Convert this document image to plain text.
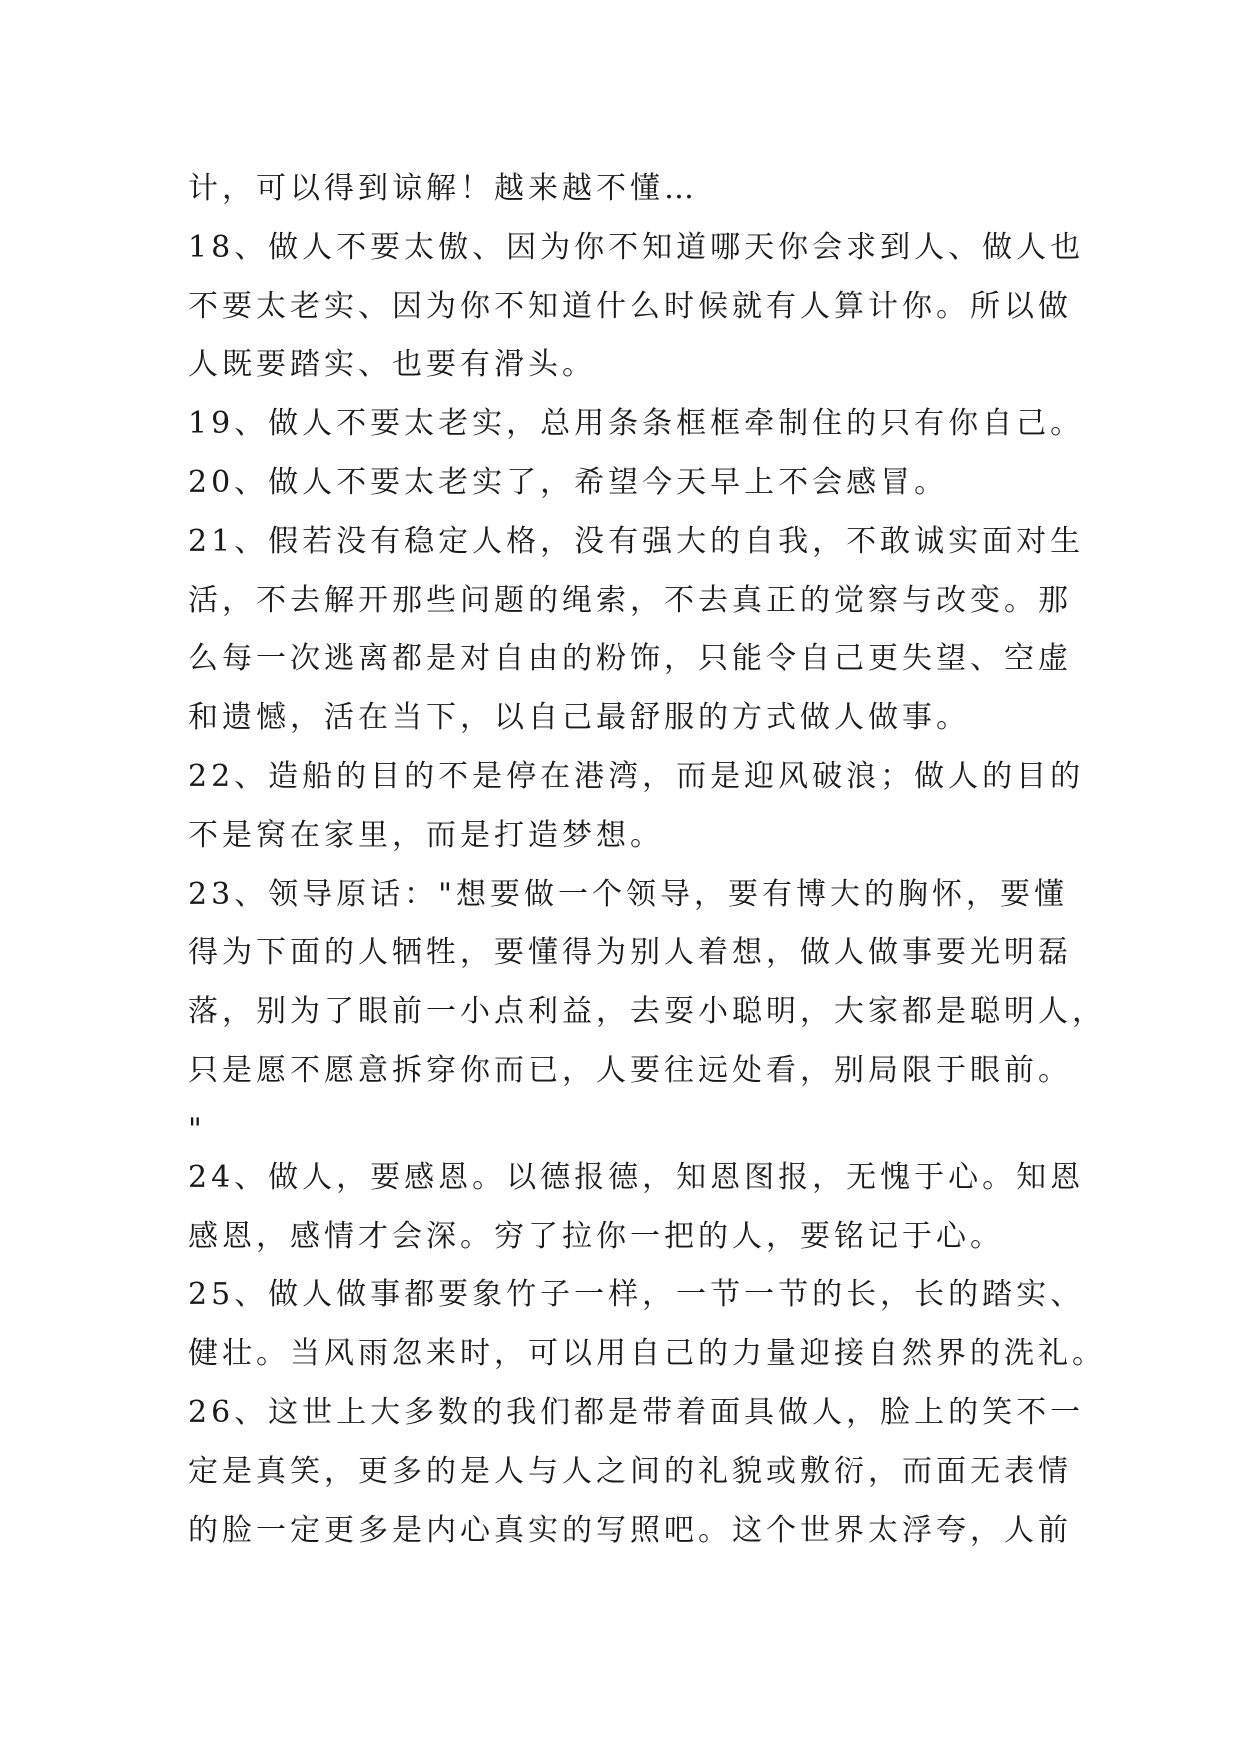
计，可以得到谅解！越来越不懂…
18、做人不要太傲、因为你不知道哪天你会求到人、做人也
不要太老实、因为你不知道什么时候就有人算计你。所以做
人既要踏实、也要有滑头。
19、做人不要太老实，总用条条框框牵制住的只有你自己。
20、做人不要太老实了，希望今天早上不会感冒。
21、假若没有稳定人格，没有强大的自我，不敢诚实面对生
活，不去解开那些问题的绳索，不去真正的觉察与改变。那
么每一次逃离都是对自由的粉饰，只能令自己更失望、空虚
和遗憾，活在当下，以自己最舒服的方式做人做事。
22、造船的目的不是停在港湾，而是迎风破浪；做人的目的
不是窝在家里，而是打造梦想。
23、领导原话："想要做一个领导，要有博大的胸怀，要懂
得为下面的人牺牲，要懂得为别人着想，做人做事要光明磊
落，别为了眼前一小点利益，去耍小聪明，大家都是聪明人，
只是愿不愿意拆穿你而已，人要往远处看，别局限于眼前。
"
24、做人，要感恩。以德报德，知恩图报，无愧于心。知恩
感恩，感情才会深。穷了拉你一把的人，要铭记于心。
25、做人做事都要象竹子一样，一节一节的长，长的踏实、
健壮。当风雨忽来时，可以用自己的力量迎接自然界的洗礼。
26、这世上大多数的我们都是带着面具做人，脸上的笑不一
定是真笑，更多的是人与人之间的礼貌或敷衍，而面无表情
的脸一定更多是内心真实的写照吧。这个世界太浮夸，人前
